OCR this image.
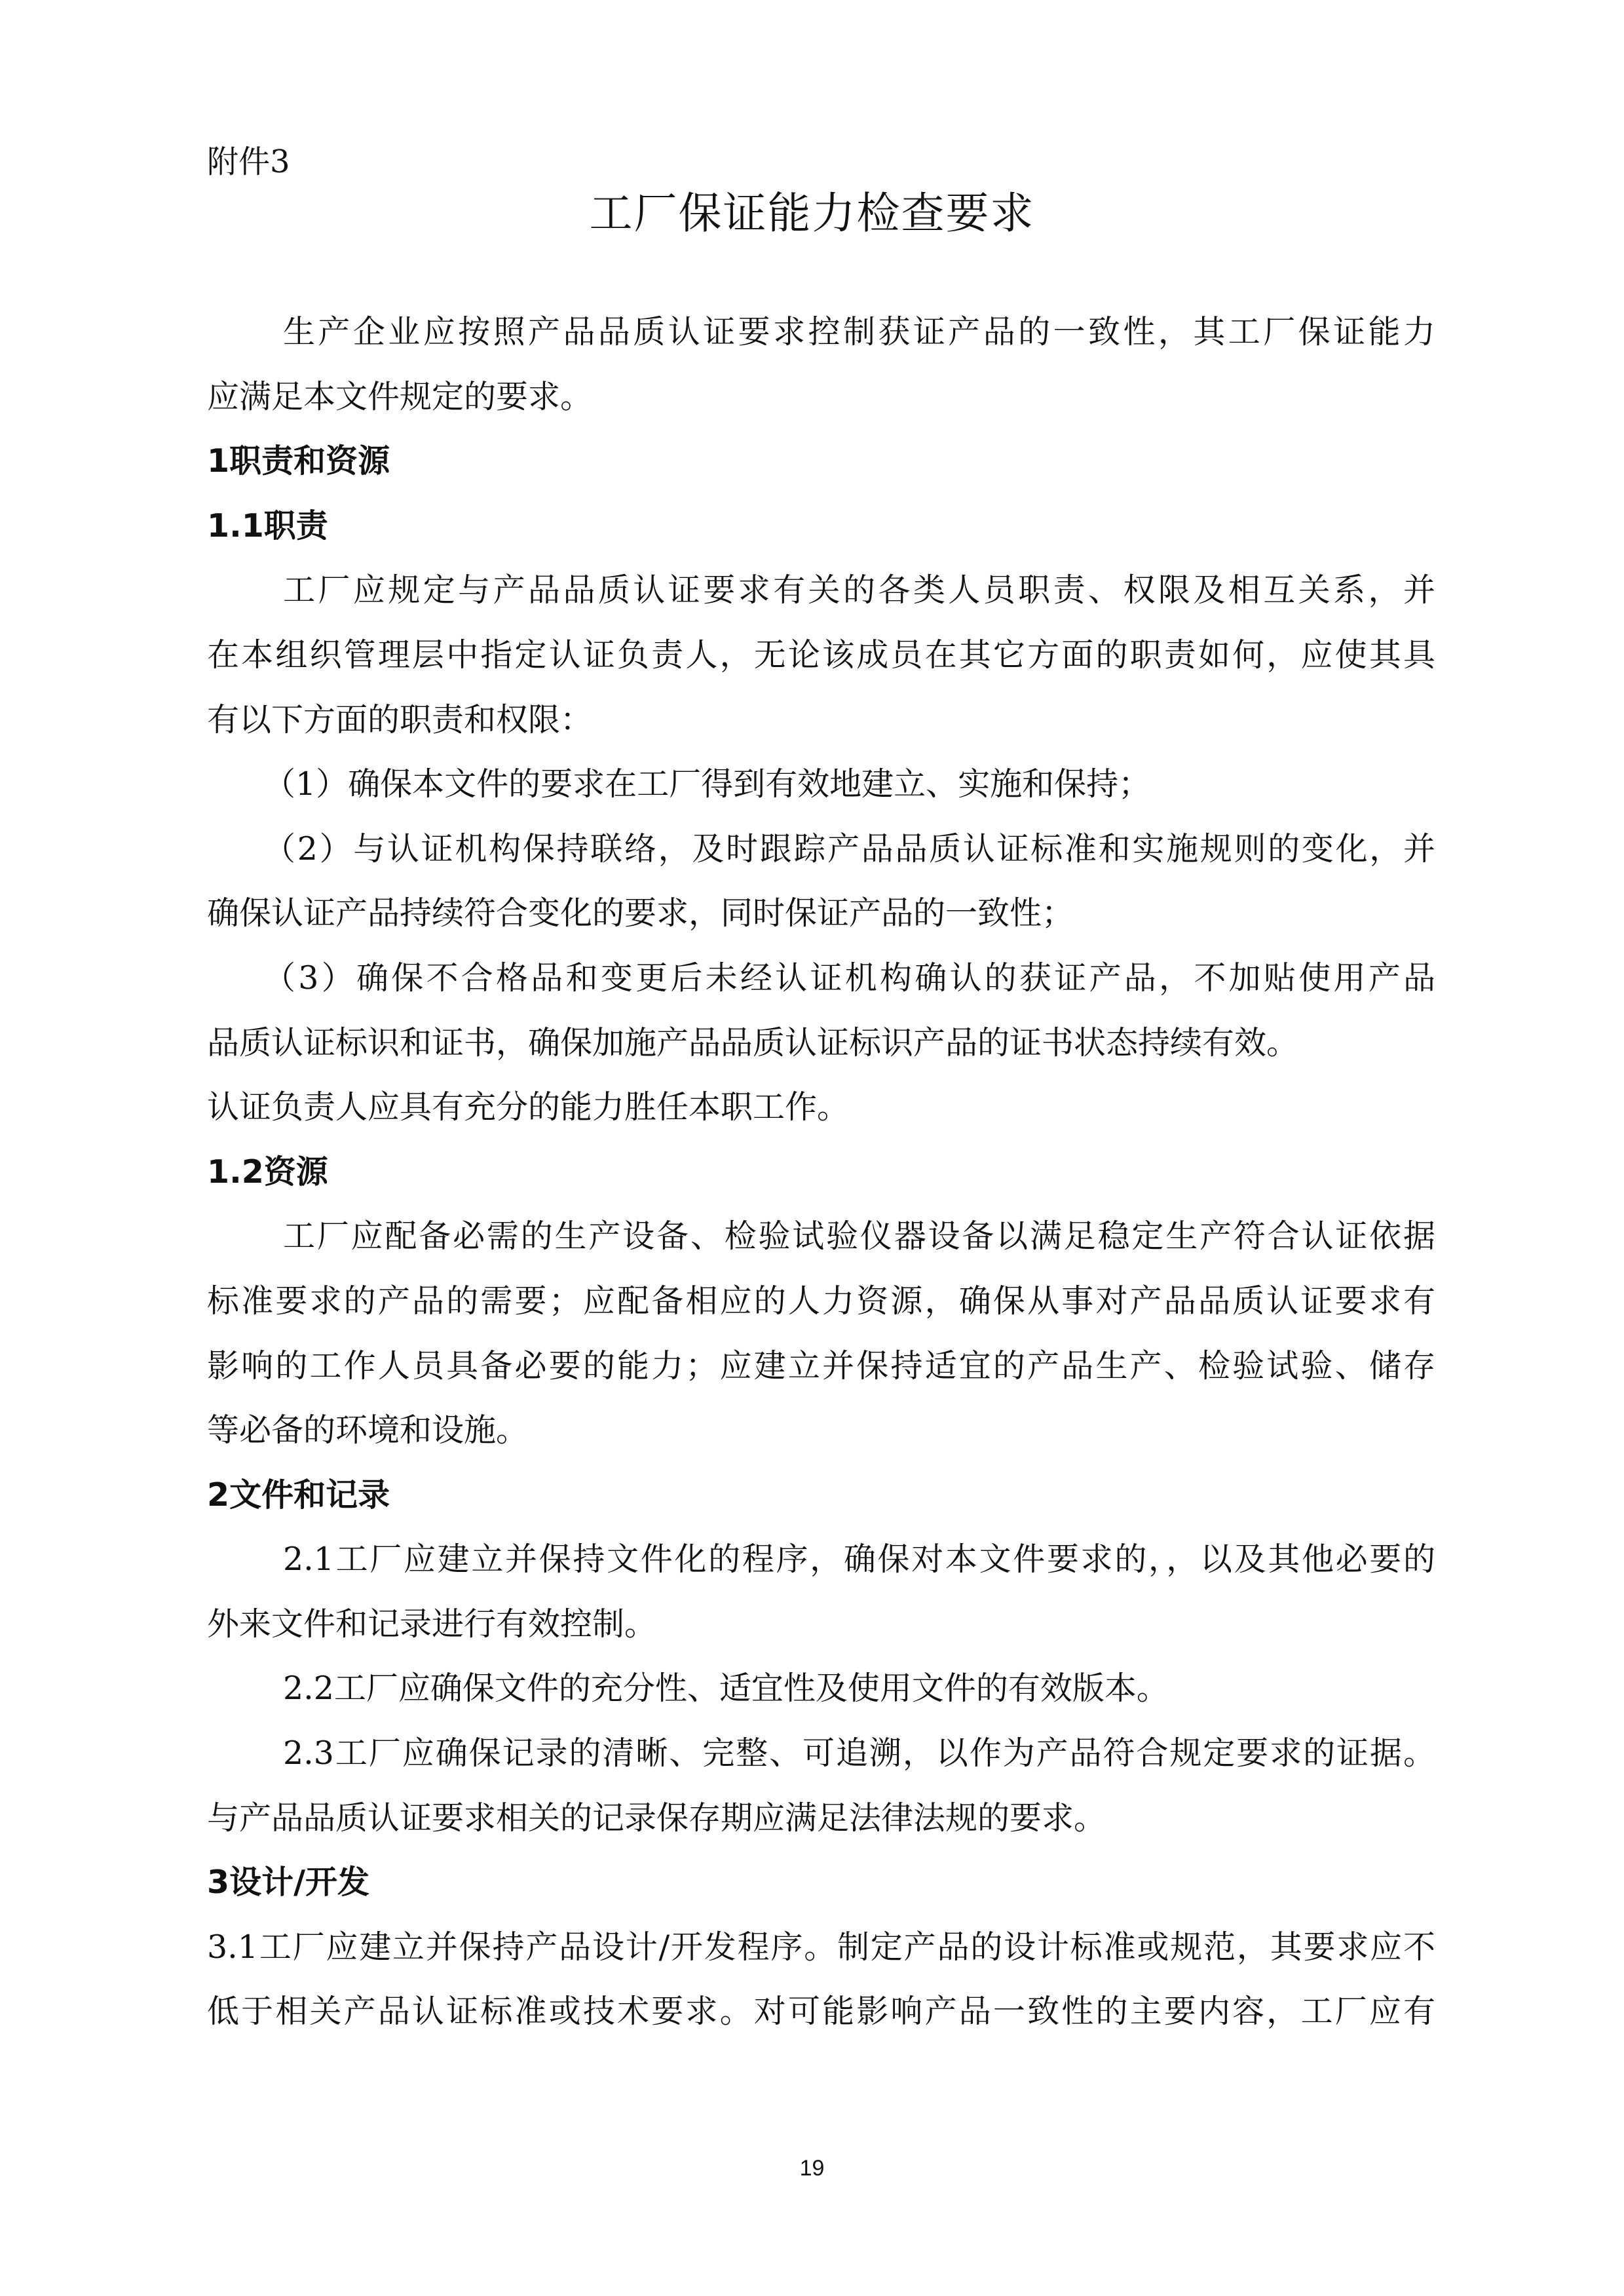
附件3
工厂保证能力检查要求
生产企业应按照产品品质认证要求控制获证产品的一致性，其工厂保证能力
应满足本文件规定的要求。
1职责和资源
1.1职责
工厂应规定与产品品质认证要求有关的各类人员职责、权限及相互关系，并
在本组织管理层中指定认证负责人，无论该成员在其它方面的职责如何，应使其具
有以下方面的职责和权限：
（1）确保本文件的要求在工厂得到有效地建立、实施和保持；
（2）与认证机构保持联络，及时跟踪产品品质认证标准和实施规则的变化，并
确保认证产品持续符合变化的要求，同时保证产品的一致性；
（3）确保不合格品和变更后未经认证机构确认的获证产品，不加贴使用产品
品质认证标识和证书，确保加施产品品质认证标识产品的证书状态持续有效。
认证负责人应具有充分的能力胜任本职工作。
1.2资源
工厂应配备必需的生产设备、检验试验仪器设备以满足稳定生产符合认证依据
标准要求的产品的需要；应配备相应的人力资源，确保从事对产品品质认证要求有
影响的工作人员具备必要的能力；应建立并保持适宜的产品生产、检验试验、储存
等必备的环境和设施。
2文件和记录
2.1工厂应建立并保持文件化的程序，确保对本文件要求的，，以及其他必要的
外来文件和记录进行有效控制。
2.2工厂应确保文件的充分性、适宜性及使用文件的有效版本。
2.3工厂应确保记录的清晰、完整、可追溯，以作为产品符合规定要求的证据。
与产品品质认证要求相关的记录保存期应满足法律法规的要求。
3设计/开发
3.1工厂应建立并保持产品设计/开发程序。制定产品的设计标准或规范，其要求应不
低于相关产品认证标准或技术要求。对可能影响产品一致性的主要内容，工厂应有
19
